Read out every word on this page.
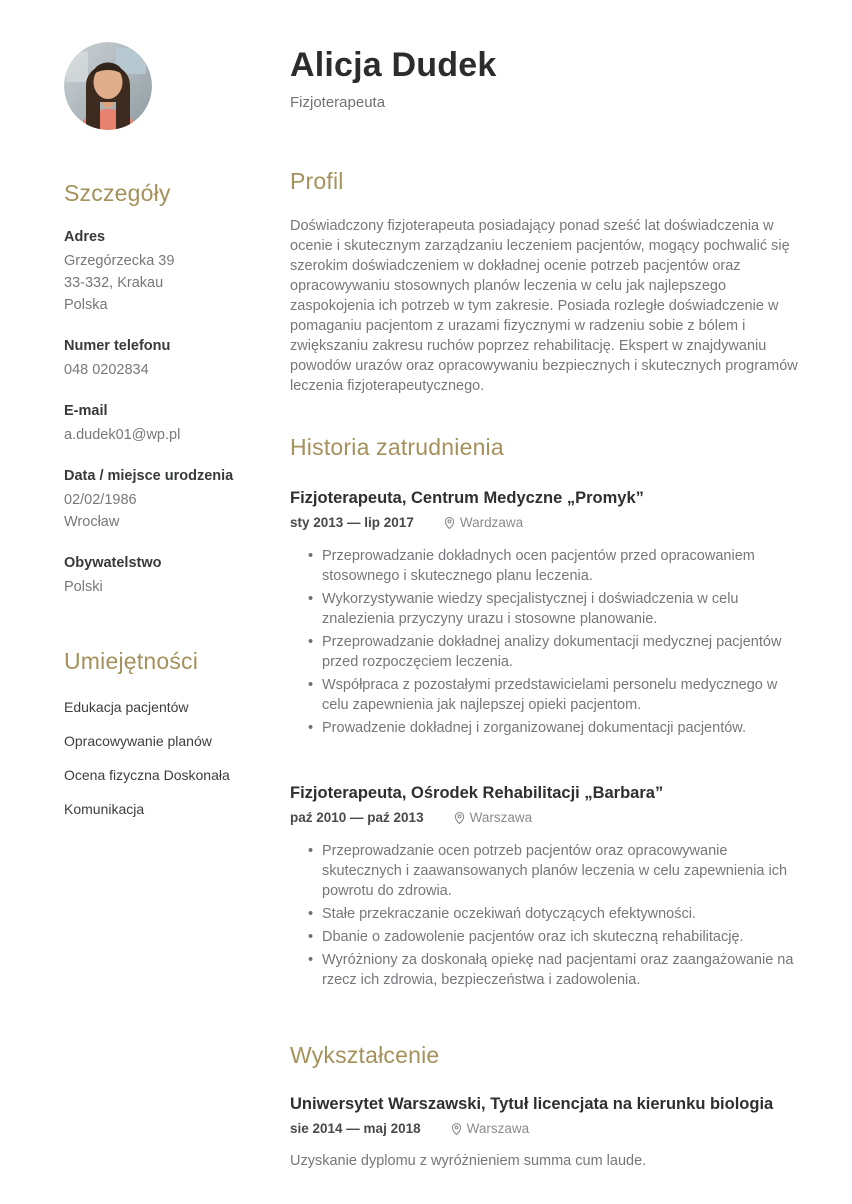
Szczegóły
Adres
Grzegórzecka 39
33-332, Krakau
Polska
Numer telefonu
048 0202834
E-mail
a.dudek01@wp.pl
Data / miejsce urodzenia
02/02/1986
Wrocław
Obywatelstwo
Polski
Umiejętności
Edukacja pacjentów
Opracowywanie planów
Ocena fizyczna Doskonała
Komunikacja
Alicja Dudek
Fizjoterapeuta
Profil

Doświadczony fizjoterapeuta posiadający ponad sześć lat doświadczenia w ocenie i skutecznym zarządzaniu leczeniem pacjentów, mogący pochwalić się szerokim doświadczeniem w dokładnej ocenie potrzeb pacjentów oraz opracowywaniu stosownych planów leczenia w celu jak najlepszego zaspokojenia ich potrzeb w tym zakresie. Posiada rozległe doświadczenie w pomaganiu pacjentom z urazami fizycznymi w radzeniu sobie z bólem i zwiększaniu zakresu ruchów poprzez rehabilitację. Ekspert w znajdywaniu powodów urazów oraz opracowywaniu bezpiecznych i skutecznych programów leczenia fizjoterapeutycznego.

Historia zatrudnienia
Fizjoterapeuta, Centrum Medyczne „Promyk”
sty 2013 — lip 2017	Wardzawa
• Przeprowadzanie dokładnych ocen pacjentów przed opracowaniem stosownego i skutecznego planu leczenia.
• Wykorzystywanie wiedzy specjalistycznej i doświadczenia w celu znalezienia przyczyny urazu i stosowne planowanie.
• Przeprowadzanie dokładnej analizy dokumentacji medycznej pacjentów przed rozpoczęciem leczenia.
• Współpraca z pozostałymi przedstawicielami personelu medycznego w celu zapewnienia jak najlepszej opieki pacjentom.
• Prowadzenie dokładnej i zorganizowanej dokumentacji pacjentów.
Fizjoterapeuta, Ośrodek Rehabilitacji „Barbara”
paź 2010 — paź 2013	Warszawa
• Przeprowadzanie ocen potrzeb pacjentów oraz opracowywanie skutecznych i zaawansowanych planów leczenia w celu zapewnienia ich powrotu do zdrowia.
• Stałe przekraczanie oczekiwań dotyczących efektywności.
• Dbanie o zadowolenie pacjentów oraz ich skuteczną rehabilitację.
• Wyróżniony za doskonałą opiekę nad pacjentami oraz zaangażowanie na rzecz ich zdrowia, bezpieczeństwa i zadowolenia.
Wykształcenie
Uniwersytet Warszawski, Tytuł licencjata na kierunku biologia
sie 2014 — maj 2018	Warszawa

Uzyskanie dyplomu z wyróżnieniem summa cum laude.
